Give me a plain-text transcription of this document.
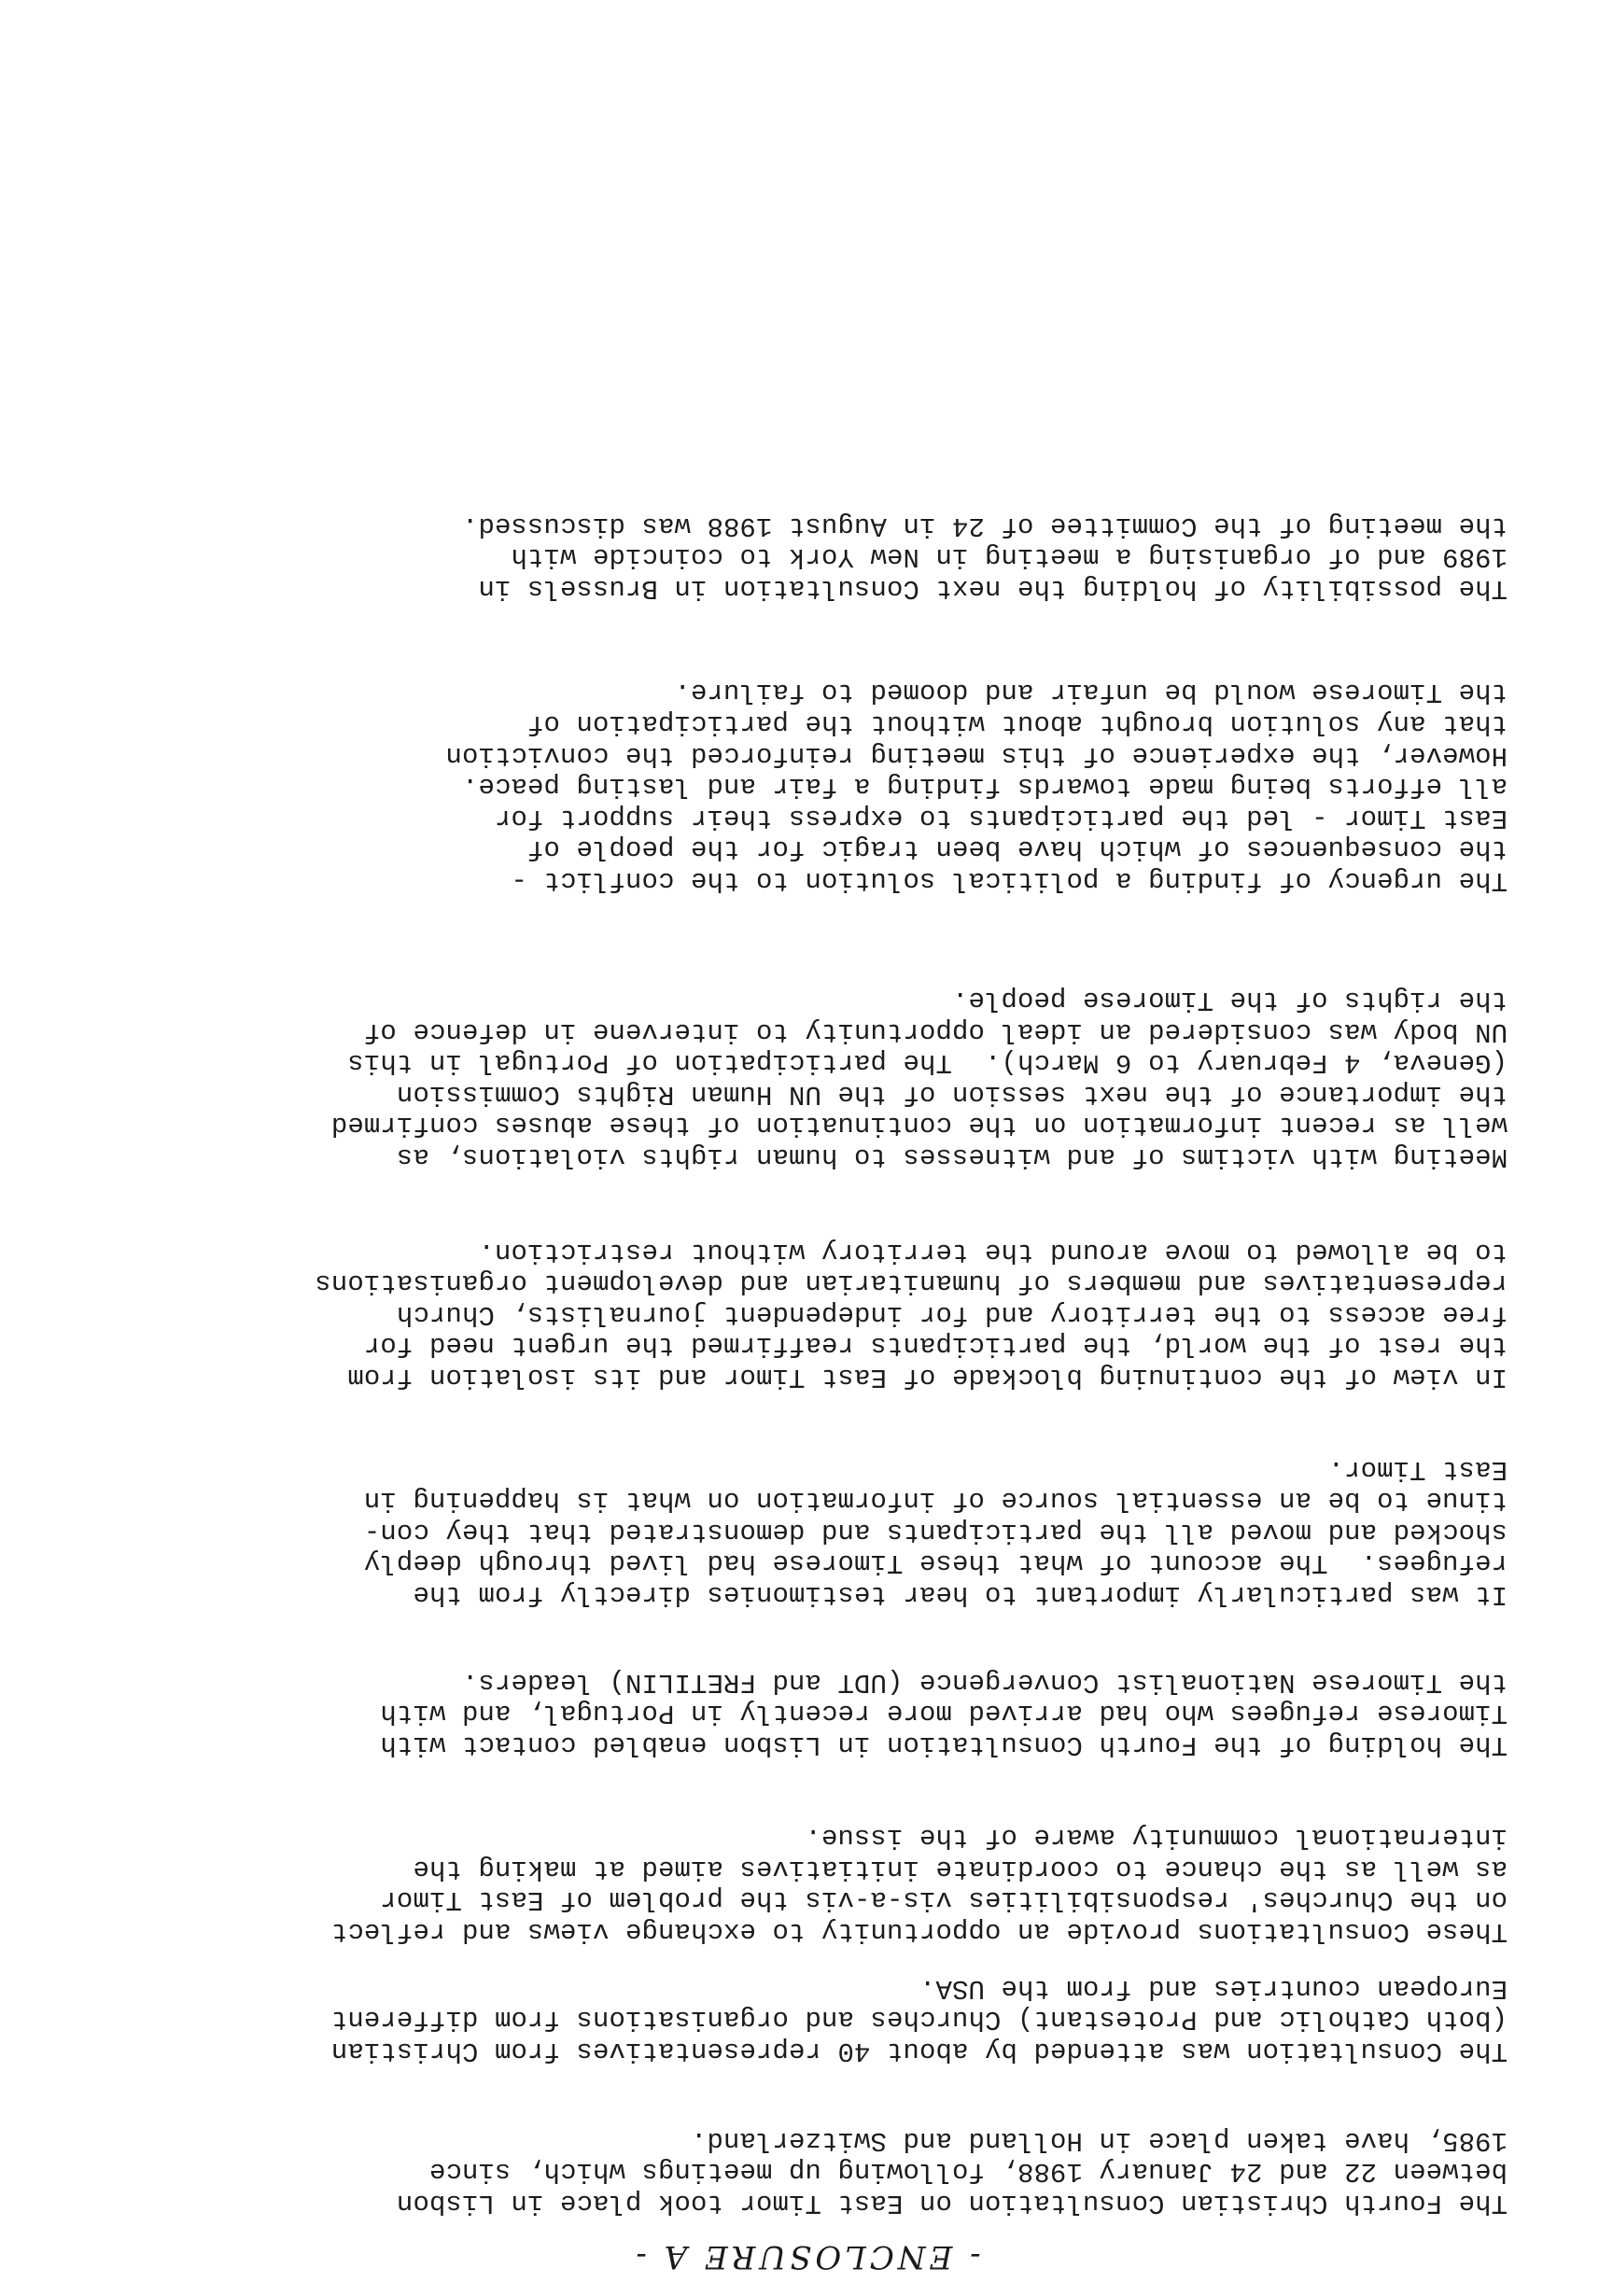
- ENCLOSURE A -
The Fourth Christian Consultation on East Timor took place in Lisbon
between 22 and 24 January 1988, following up meetings which, since
1985, have taken place in Holland and Switzerland.
The Consultation was attended by about 40 representatives from Christian
(both Catholic and Protestant) Churches and organisations from different
European countries and from the USA.
These Consultations provide an opportunity to exchange views and reflect
on the Churches' responsibilities vis-a-vis the problem of East Timor
as well as the chance to coordinate initiatives aimed at making the
international community aware of the issue.
The holding of the Fourth Consultation in Lisbon enabled contact with
Timorese refugees who had arrived more recently in Portugal, and with
the Timorese Nationalist Convergence (UDT and FRETILIN) leaders.
It was particularly important to hear testimonies directly from the
refugees.  The account of what these Timorese had lived through deeply
shocked and moved all the participants and demonstrated that they con-
tinue to be an essential source of information on what is happening in
East Timor.
In view of the continuing blockade of East Timor and its isolation from
the rest of the world, the participants reaffirmed the urgent need for
free access to the territory and for independent journalists, Church
representatives and members of humanitarian and development organisations
to be allowed to move around the territory without restriction.
Meeting with victims of and witnesses to human rights violations, as
well as recent information on the continuation of these abuses confirmed
the importance of the next session of the UN Human Rights Commission
(Geneva, 4 February to 6 March).  The participation of Portugal in this
UN body was considered an ideal opportunity to intervene in defence of
the rights of the Timorese people.
The urgency of finding a political solution to the conflict -
the consequences of which have been tragic for the people of
East Timor - led the participants to express their support for
all efforts being made towards finding a fair and lasting peace.
However, the experience of this meeting reinforced the conviction
that any solution brought about without the participation of
the Timorese would be unfair and doomed to failure.
The possibility of holding the next Consultation in Brussels in
1989 and of organising a meeting in New York to coincide with
the meeting of the Committee of 24 in August 1988 was discussed.
